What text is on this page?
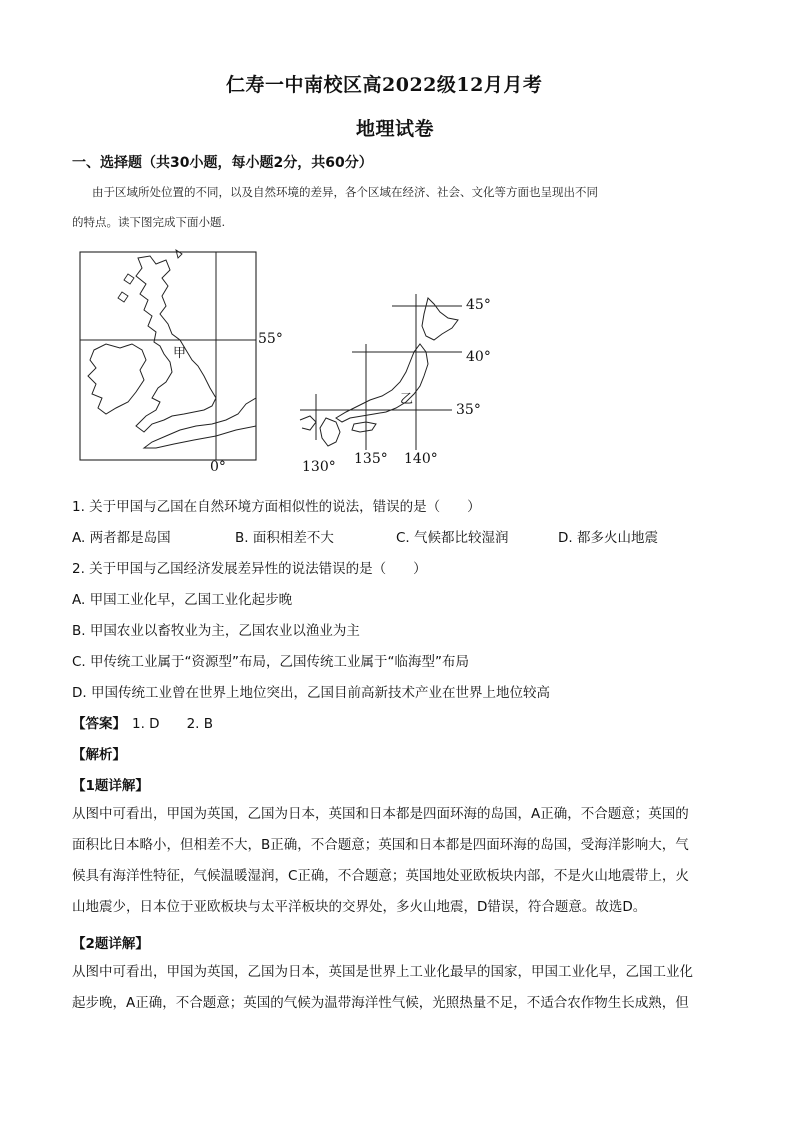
仁寿一中南校区高2022级12月月考
地理试卷
一、选择题（共30小题，每小题2分，共60分）
由于区域所处位置的不同，以及自然环境的差异，各个区域在经济、社会、文化等方面也呈现出不同
的特点。读下图完成下面小题.
甲
55°
0°
乙
45°
40°
35°
130° 135° 140°
1. 关于甲国与乙国在自然环境方面相似性的说法，错误的是（　　）
A. 两者都是岛国	B. 面积相差不大	C. 气候都比较湿润	D. 都多火山地震
2. 关于甲国与乙国经济发展差异性的说法错误的是（　　）
A. 甲国工业化早，乙国工业化起步晚
B. 甲国农业以畜牧业为主，乙国农业以渔业为主
C. 甲传统工业属于“资源型”布局，乙国传统工业属于“临海型”布局
D. 甲国传统工业曾在世界上地位突出，乙国目前高新技术产业在世界上地位较高
【答案】 1. D　　2. B
【解析】
【1题详解】
从图中可看出，甲国为英国，乙国为日本，英国和日本都是四面环海的岛国，A正确，不合题意；英国的
面积比日本略小，但相差不大，B正确，不合题意；英国和日本都是四面环海的岛国，受海洋影响大，气
候具有海洋性特征，气候温暖湿润，C正确，不合题意；英国地处亚欧板块内部，不是火山地震带上，火
山地震少，日本位于亚欧板块与太平洋板块的交界处，多火山地震，D错误，符合题意。故选D。
【2题详解】
从图中可看出，甲国为英国，乙国为日本，英国是世界上工业化最早的国家，甲国工业化早，乙国工业化
起步晚，A正确，不合题意；英国的气候为温带海洋性气候，光照热量不足，不适合农作物生长成熟，但
